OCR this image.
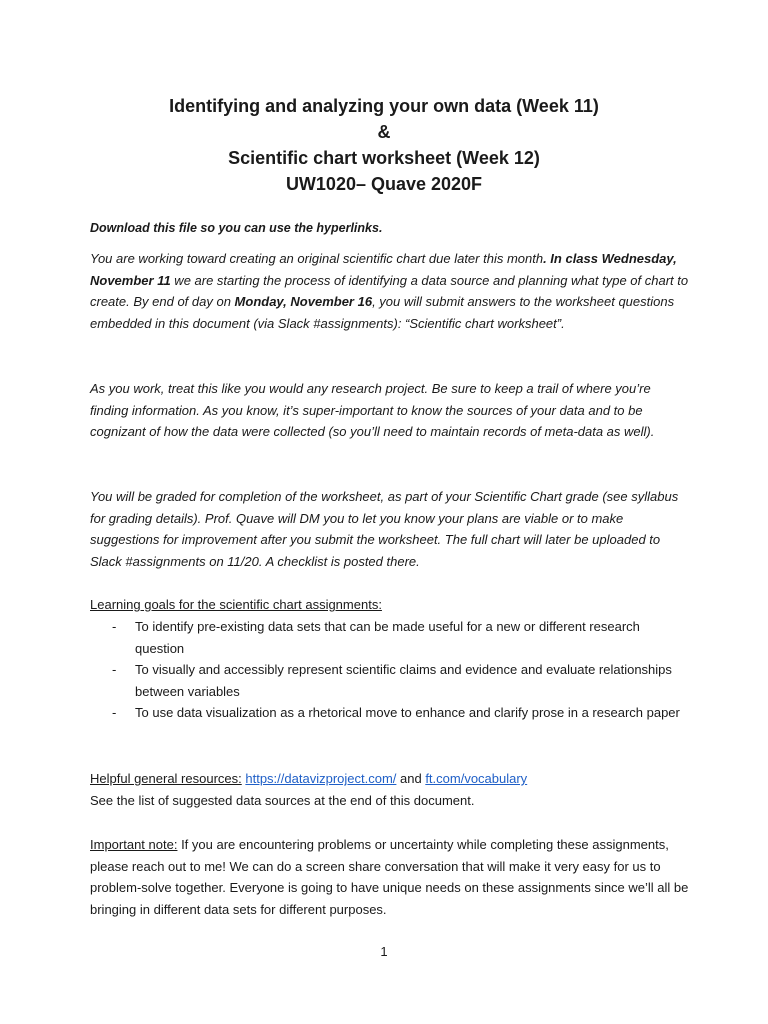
Identifying and analyzing your own data (Week 11)
&
Scientific chart worksheet (Week 12)
UW1020– Quave 2020F

Download this file so you can use the hyperlinks.

You are working toward creating an original scientific chart due later this month. In class Wednesday, November 11 we are starting the process of identifying a data source and planning what type of chart to create. By end of day on Monday, November 16, you will submit answers to the worksheet questions embedded in this document (via Slack #assignments): “Scientific chart worksheet”.

As you work, treat this like you would any research project. Be sure to keep a trail of where you’re finding information. As you know, it’s super-important to know the sources of your data and to be cognizant of how the data were collected (so you’ll need to maintain records of meta-data as well).

You will be graded for completion of the worksheet, as part of your Scientific Chart grade (see syllabus for grading details). Prof. Quave will DM you to let you know your plans are viable or to make suggestions for improvement after you submit the worksheet. The full chart will later be uploaded to Slack #assignments on 11/20. A checklist is posted there.

Learning goals for the scientific chart assignments:

- To identify pre-existing data sets that can be made useful for a new or different research question
- To visually and accessibly represent scientific claims and evidence and evaluate relationships between variables
- To use data visualization as a rhetorical move to enhance and clarify prose in a research paper

Helpful general resources: https://datavizproject.com/ and ft.com/vocabulary

See the list of suggested data sources at the end of this document.

Important note: If you are encountering problems or uncertainty while completing these assignments, please reach out to me! We can do a screen share conversation that will make it very easy for us to problem-solve together. Everyone is going to have unique needs on these assignments since we’ll all be bringing in different data sets for different purposes.

1
